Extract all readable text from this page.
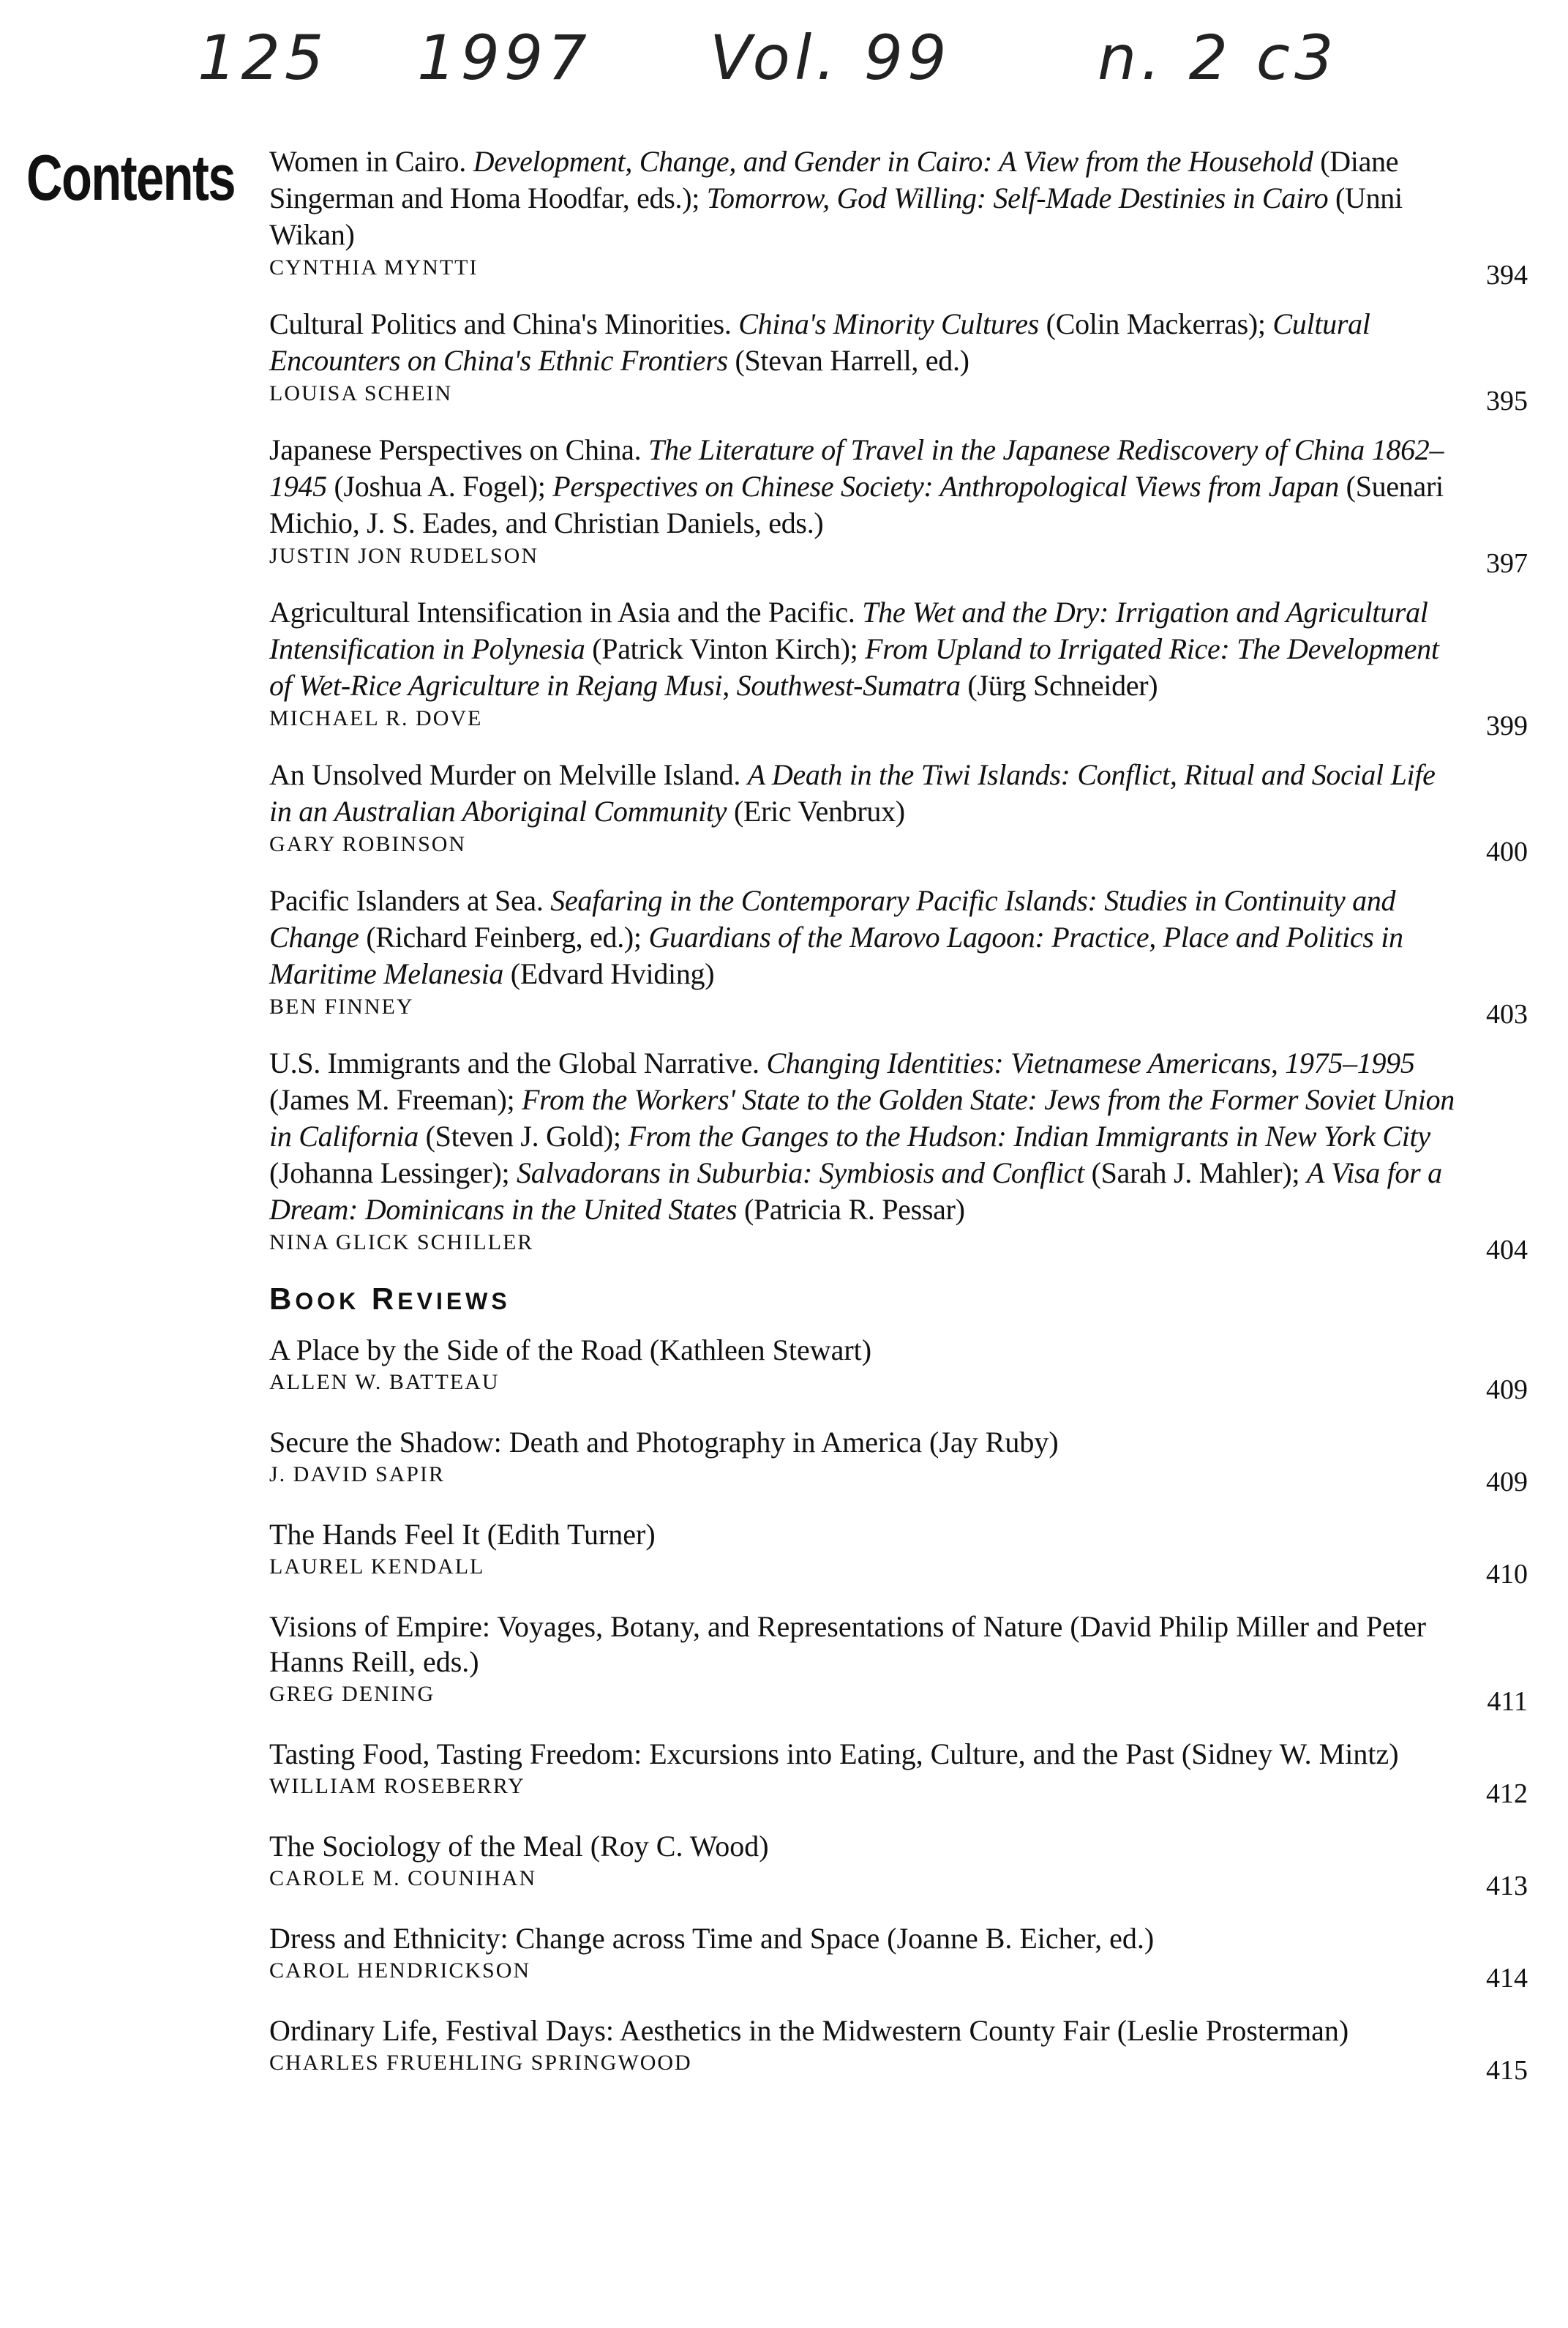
125 1997 Vol. 99 n. 2 c3
Contents Women in Cairo. Development, Change, and Gender in Cairo: A View from the Household (Diane Singerman and Homa Hoodfar, eds.); Tomorrow, God Willing: Self-Made Destinies in Cairo (Unni Wikan)
CYNTHIA MYNTTI	394
Cultural Politics and China's Minorities. China's Minority Cultures (Colin Mackerras); Cultural Encounters on China's Ethnic Frontiers (Stevan Harrell, ed.)
LOUISA SCHEIN	395
Japanese Perspectives on China. The Literature of Travel in the Japanese Rediscovery of China 1862–1945 (Joshua A. Fogel); Perspectives on Chinese Society: Anthropological Views from Japan (Suenari Michio, J. S. Eades, and Christian Daniels, eds.)
JUSTIN JON RUDELSON	397
Agricultural Intensification in Asia and the Pacific. The Wet and the Dry: Irrigation and Agricultural Intensification in Polynesia (Patrick Vinton Kirch); From Upland to Irrigated Rice: The Development of Wet-Rice Agriculture in Rejang Musi, Southwest-Sumatra (Jürg Schneider)
MICHAEL R. DOVE	399
An Unsolved Murder on Melville Island. A Death in the Tiwi Islands: Conflict, Ritual and Social Life in an Australian Aboriginal Community (Eric Venbrux)
GARY ROBINSON	400
Pacific Islanders at Sea. Seafaring in the Contemporary Pacific Islands: Studies in Continuity and Change (Richard Feinberg, ed.); Guardians of the Marovo Lagoon: Practice, Place and Politics in Maritime Melanesia (Edvard Hviding)
BEN FINNEY	403
U.S. Immigrants and the Global Narrative. Changing Identities: Vietnamese Americans, 1975–1995 (James M. Freeman); From the Workers' State to the Golden State: Jews from the Former Soviet Union in California (Steven J. Gold); From the Ganges to the Hudson: Indian Immigrants in New York City (Johanna Lessinger); Salvadorans in Suburbia: Symbiosis and Conflict (Sarah J. Mahler); A Visa for a Dream: Dominicans in the United States (Patricia R. Pessar)
NINA GLICK SCHILLER	404
BOOK REVIEWS
A Place by the Side of the Road (Kathleen Stewart)
ALLEN W. BATTEAU	409
Secure the Shadow: Death and Photography in America (Jay Ruby)
J. DAVID SAPIR	409
The Hands Feel It (Edith Turner)
LAUREL KENDALL	410
Visions of Empire: Voyages, Botany, and Representations of Nature (David Philip Miller and Peter Hanns Reill, eds.)
GREG DENING	411
Tasting Food, Tasting Freedom: Excursions into Eating, Culture, and the Past (Sidney W. Mintz)
WILLIAM ROSEBERRY	412
The Sociology of the Meal (Roy C. Wood)
CAROLE M. COUNIHAN	413
Dress and Ethnicity: Change across Time and Space (Joanne B. Eicher, ed.)
CAROL HENDRICKSON	414
Ordinary Life, Festival Days: Aesthetics in the Midwestern County Fair (Leslie Prosterman)
CHARLES FRUEHLING SPRINGWOOD	415
